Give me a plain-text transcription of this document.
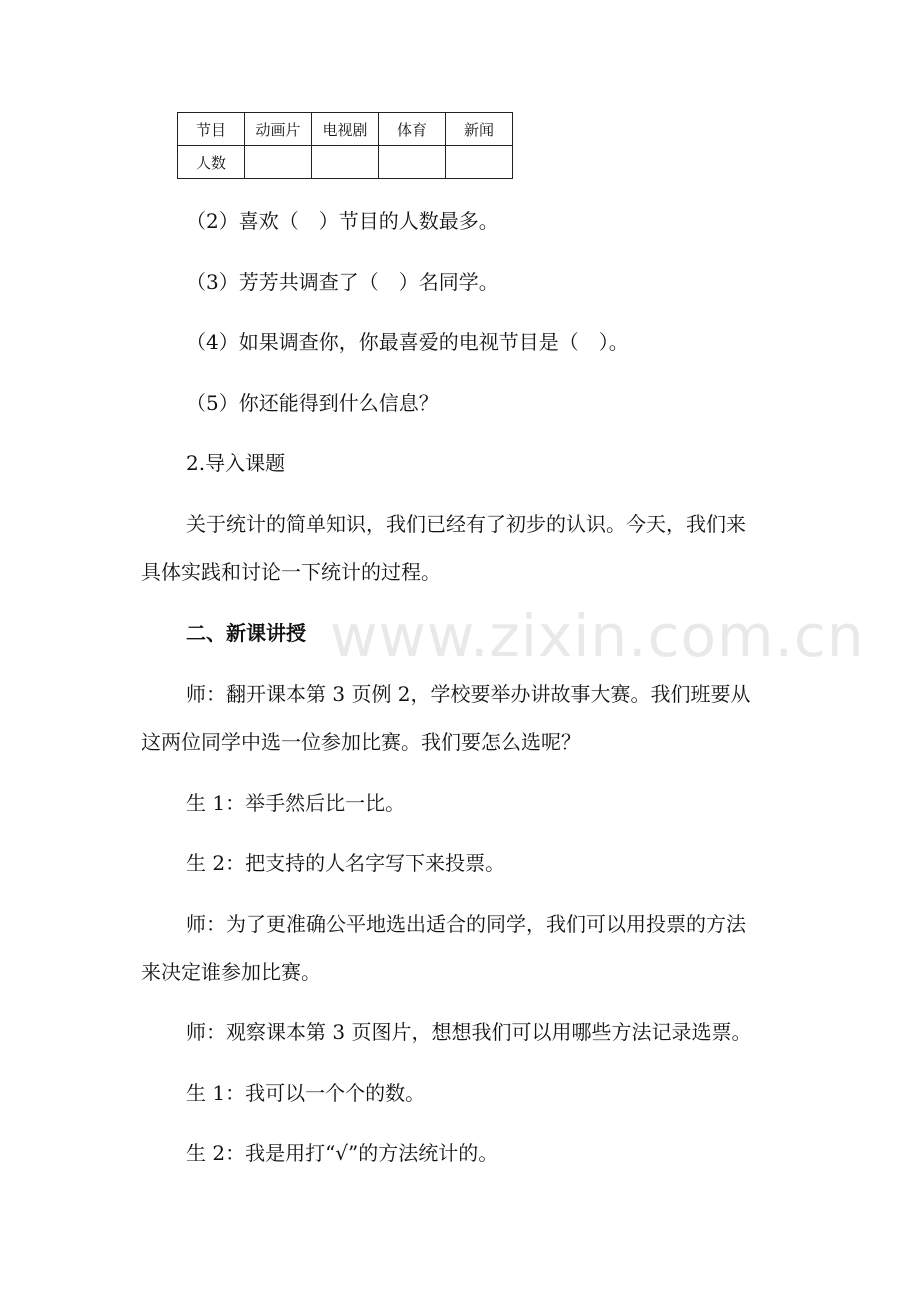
节目	动画片	电视剧	体育	新闻
人数				
（2）喜欢（　）节目的人数最多。
（3）芳芳共调查了（　）名同学。
（4）如果调查你，你最喜爱的电视节目是（　）。
（5）你还能得到什么信息？
2.导入课题
关于统计的简单知识，我们已经有了初步的认识。今天，我们来
具体实践和讨论一下统计的过程。
二、新课讲授
师：翻开课本第 3 页例 2，学校要举办讲故事大赛。我们班要从
这两位同学中选一位参加比赛。我们要怎么选呢？
生 1：举手然后比一比。
生 2：把支持的人名字写下来投票。
师：为了更准确公平地选出适合的同学，我们可以用投票的方法
来决定谁参加比赛。
师：观察课本第 3 页图片，想想我们可以用哪些方法记录选票。
生 1：我可以一个个的数。
生 2：我是用打“√”的方法统计的。
www.zixin.com.cn
